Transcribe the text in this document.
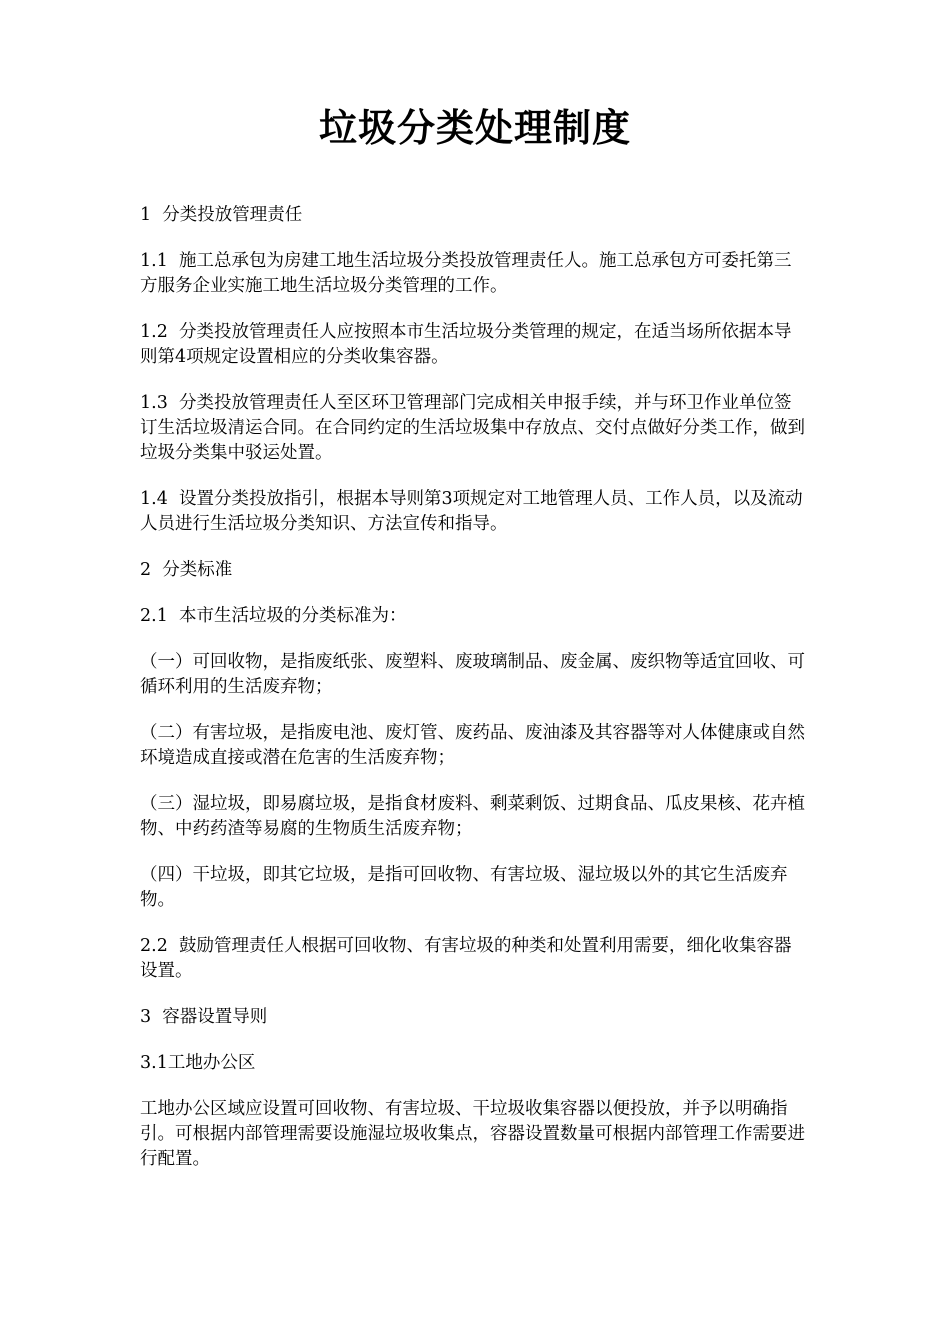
垃圾分类处理制度

1  分类投放管理责任

1.1  施工总承包为房建工地生活垃圾分类投放管理责任人。施工总承包方可委托第三方服务企业实施工地生活垃圾分类管理的工作。

1.2  分类投放管理责任人应按照本市生活垃圾分类管理的规定，在适当场所依据本导则第4项规定设置相应的分类收集容器。

1.3  分类投放管理责任人至区环卫管理部门完成相关申报手续，并与环卫作业单位签订生活垃圾清运合同。在合同约定的生活垃圾集中存放点、交付点做好分类工作，做到垃圾分类集中驳运处置。

1.4  设置分类投放指引，根据本导则第3项规定对工地管理人员、工作人员，以及流动人员进行生活垃圾分类知识、方法宣传和指导。

2  分类标准

2.1  本市生活垃圾的分类标准为：

（一）可回收物，是指废纸张、废塑料、废玻璃制品、废金属、废织物等适宜回收、可循环利用的生活废弃物；

（二）有害垃圾，是指废电池、废灯管、废药品、废油漆及其容器等对人体健康或自然环境造成直接或潜在危害的生活废弃物；

（三）湿垃圾，即易腐垃圾，是指食材废料、剩菜剩饭、过期食品、瓜皮果核、花卉植物、中药药渣等易腐的生物质生活废弃物；

（四）干垃圾，即其它垃圾，是指可回收物、有害垃圾、湿垃圾以外的其它生活废弃物。

2.2  鼓励管理责任人根据可回收物、有害垃圾的种类和处置利用需要，细化收集容器设置。

3  容器设置导则

3.1工地办公区

工地办公区域应设置可回收物、有害垃圾、干垃圾收集容器以便投放，并予以明确指引。可根据内部管理需要设施湿垃圾收集点，容器设置数量可根据内部管理工作需要进行配置。
